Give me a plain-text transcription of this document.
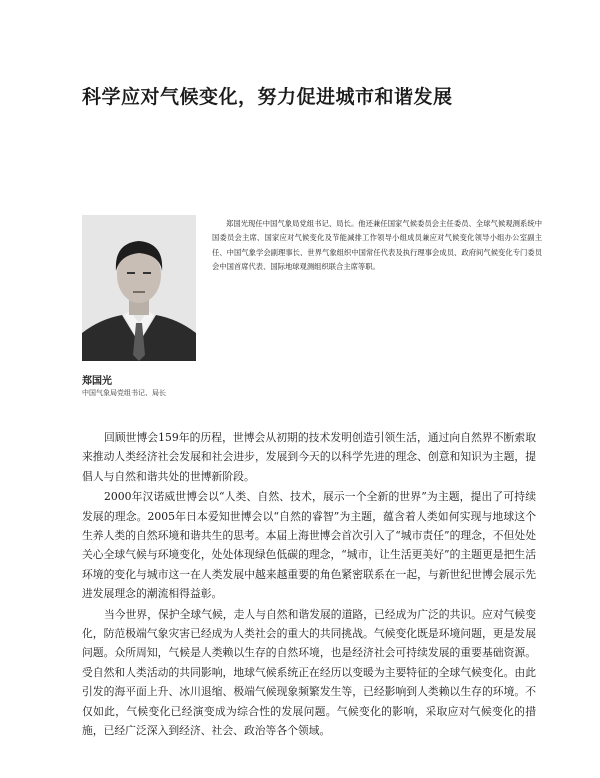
科学应对气候变化，努力促进城市和谐发展
郑国光现任中国气象局党组书记、局长。他还兼任国家气候委员会主任委员、全球气候观测系统中国委员会主席、国家应对气候变化及节能减排工作领导小组成员兼应对气候变化领导小组办公室副主任、中国气象学会副理事长、世界气象组织中国常任代表及执行理事会成员、政府间气候变化专门委员会中国首席代表、国际地球观测组织联合主席等职。
郑国光
中国气象局党组书记、局长

回顾世博会159年的历程，世博会从初期的技术发明创造引领生活，通过向自然界不断索取来推动人类经济社会发展和社会进步，发展到今天的以科学先进的理念、创意和知识为主题，提倡人与自然和谐共处的世博新阶段。

2000年汉诺威世博会以“人类、自然、技术，展示一个全新的世界”为主题，提出了可持续发展的理念。2005年日本爱知世博会以“自然的睿智”为主题，蕴含着人类如何实现与地球这个生养人类的自然环境和谐共生的思考。本届上海世博会首次引入了“城市责任”的理念，不但处处关心全球气候与环境变化，处处体现绿色低碳的理念，“城市，让生活更美好”的主题更是把生活环境的变化与城市这一在人类发展中越来越重要的角色紧密联系在一起，与新世纪世博会展示先进发展理念的潮流相得益彰。

当今世界，保护全球气候，走人与自然和谐发展的道路，已经成为广泛的共识。应对气候变化，防范极端气象灾害已经成为人类社会的重大的共同挑战。气候变化既是环境问题，更是发展问题。众所周知，气候是人类赖以生存的自然环境，也是经济社会可持续发展的重要基础资源。受自然和人类活动的共同影响，地球气候系统正在经历以变暖为主要特征的全球气候变化。由此引发的海平面上升、冰川退缩、极端气候现象频繁发生等，已经影响到人类赖以生存的环境。不仅如此，气候变化已经演变成为综合性的发展问题。气候变化的影响，采取应对气候变化的措施，已经广泛深入到经济、社会、政治等各个领域。
